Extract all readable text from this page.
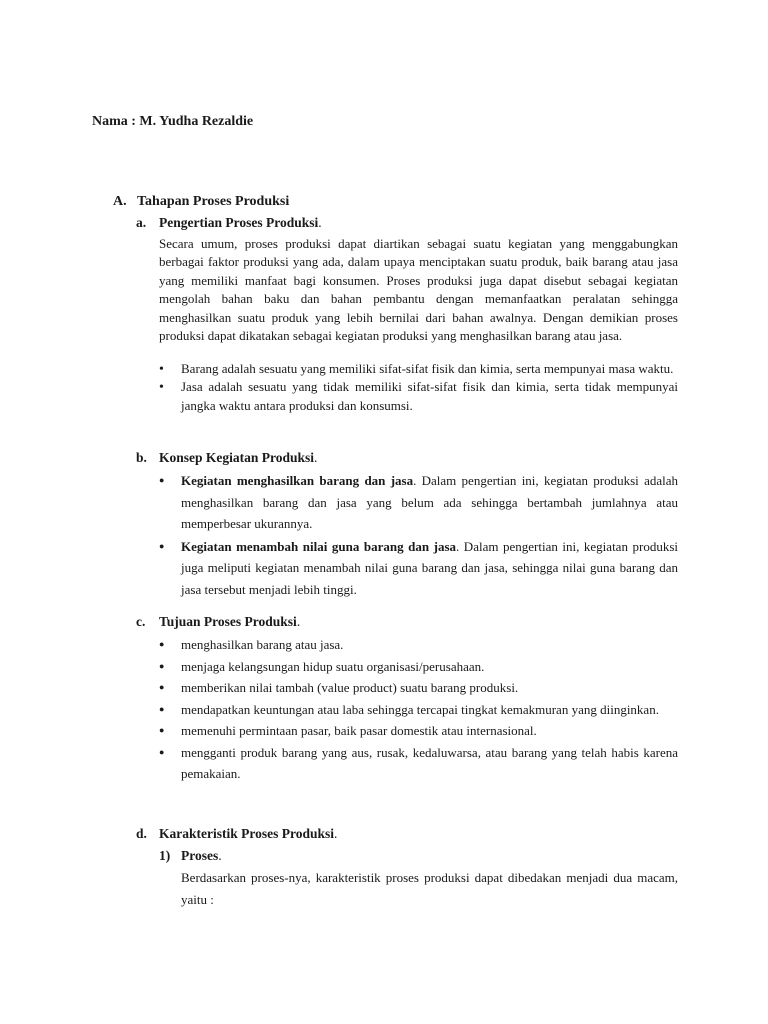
Nama : M. Yudha Rezaldie
A. Tahapan Proses Produksi
a. Pengertian Proses Produksi .
Secara umum, proses produksi dapat diartikan sebagai suatu kegiatan yang menggabungkan berbagai faktor produksi yang ada, dalam upaya menciptakan suatu produk, baik barang atau jasa yang memiliki manfaat bagi konsumen. Proses produksi juga dapat disebut sebagai kegiatan mengolah bahan baku dan bahan pembantu dengan memanfaatkan peralatan sehingga menghasilkan suatu produk yang lebih bernilai dari bahan awalnya. Dengan demikian proses produksi dapat dikatakan sebagai kegiatan produksi yang menghasilkan barang atau jasa.
•
Barang adalah sesuatu yang memiliki sifat-sifat fisik dan kimia, serta mempunyai masa waktu.
•
Jasa adalah sesuatu yang tidak memiliki sifat-sifat fisik dan kimia, serta tidak mempunyai jangka waktu antara produksi dan konsumsi.
b. Konsep Kegiatan Produksi .
●
Kegiatan menghasilkan barang dan jasa. Dalam pengertian ini, kegiatan produksi adalah menghasilkan barang dan jasa yang belum ada sehingga bertambah jumlahnya atau memperbesar ukurannya.
●
Kegiatan menambah nilai guna barang dan jasa. Dalam pengertian ini, kegiatan produksi juga meliputi kegiatan menambah nilai guna barang dan jasa, sehingga nilai guna barang dan jasa tersebut menjadi lebih tinggi.
c.	Tujuan Proses Produksi .
●
menghasilkan barang atau jasa.
●
menjaga kelangsungan hidup suatu organisasi/perusahaan.
●
memberikan nilai tambah (value product) suatu barang produksi.
●
mendapatkan keuntungan atau laba sehingga tercapai tingkat kemakmuran yang diinginkan.
●
memenuhi permintaan pasar, baik pasar domestik atau internasional.
●
mengganti produk barang yang aus, rusak, kedaluwarsa, atau barang yang telah habis karena pemakaian.
d. Karakteristik Proses Produksi .
1) Proses .
Berdasarkan proses-nya, karakteristik proses produksi dapat dibedakan menjadi dua macam, yaitu :
